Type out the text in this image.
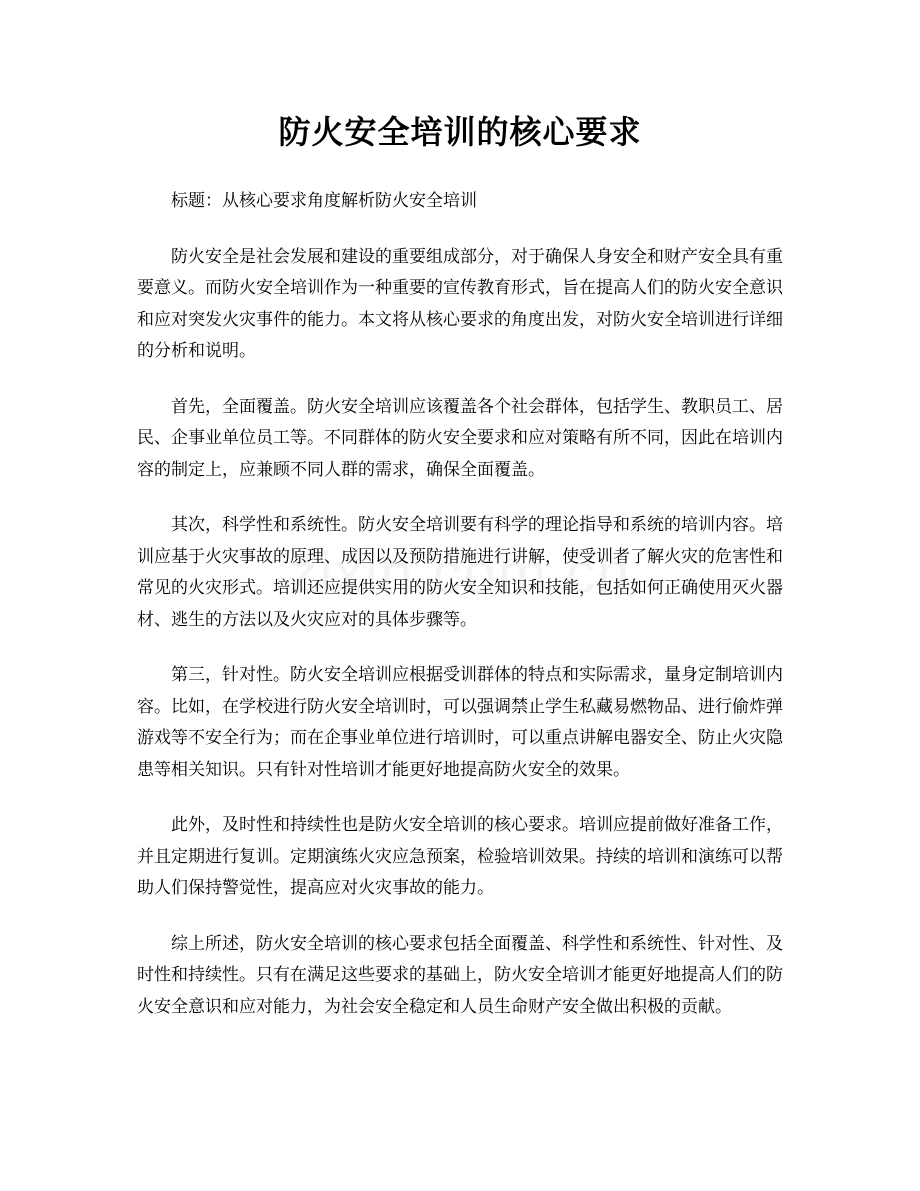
防火安全培训的核心要求

标题：从核心要求角度解析防火安全培训

防火安全是社会发展和建设的重要组成部分，对于确保人身安全和财产安全具有重要意义。而防火安全培训作为一种重要的宣传教育形式，旨在提高人们的防火安全意识和应对突发火灾事件的能力。本文将从核心要求的角度出发，对防火安全培训进行详细的分析和说明。

首先，全面覆盖。防火安全培训应该覆盖各个社会群体，包括学生、教职员工、居民、企事业单位员工等。不同群体的防火安全要求和应对策略有所不同，因此在培训内容的制定上，应兼顾不同人群的需求，确保全面覆盖。

其次，科学性和系统性。防火安全培训要有科学的理论指导和系统的培训内容。培训应基于火灾事故的原理、成因以及预防措施进行讲解，使受训者了解火灾的危害性和常见的火灾形式。培训还应提供实用的防火安全知识和技能，包括如何正确使用灭火器材、逃生的方法以及火灾应对的具体步骤等。

第三，针对性。防火安全培训应根据受训群体的特点和实际需求，量身定制培训内容。比如，在学校进行防火安全培训时，可以强调禁止学生私藏易燃物品、进行偷炸弹游戏等不安全行为；而在企事业单位进行培训时，可以重点讲解电器安全、防止火灾隐患等相关知识。只有针对性培训才能更好地提高防火安全的效果。

此外，及时性和持续性也是防火安全培训的核心要求。培训应提前做好准备工作，并且定期进行复训。定期演练火灾应急预案，检验培训效果。持续的培训和演练可以帮助人们保持警觉性，提高应对火灾事故的能力。

综上所述，防火安全培训的核心要求包括全面覆盖、科学性和系统性、针对性、及时性和持续性。只有在满足这些要求的基础上，防火安全培训才能更好地提高人们的防火安全意识和应对能力，为社会安全稳定和人员生命财产安全做出积极的贡献。
